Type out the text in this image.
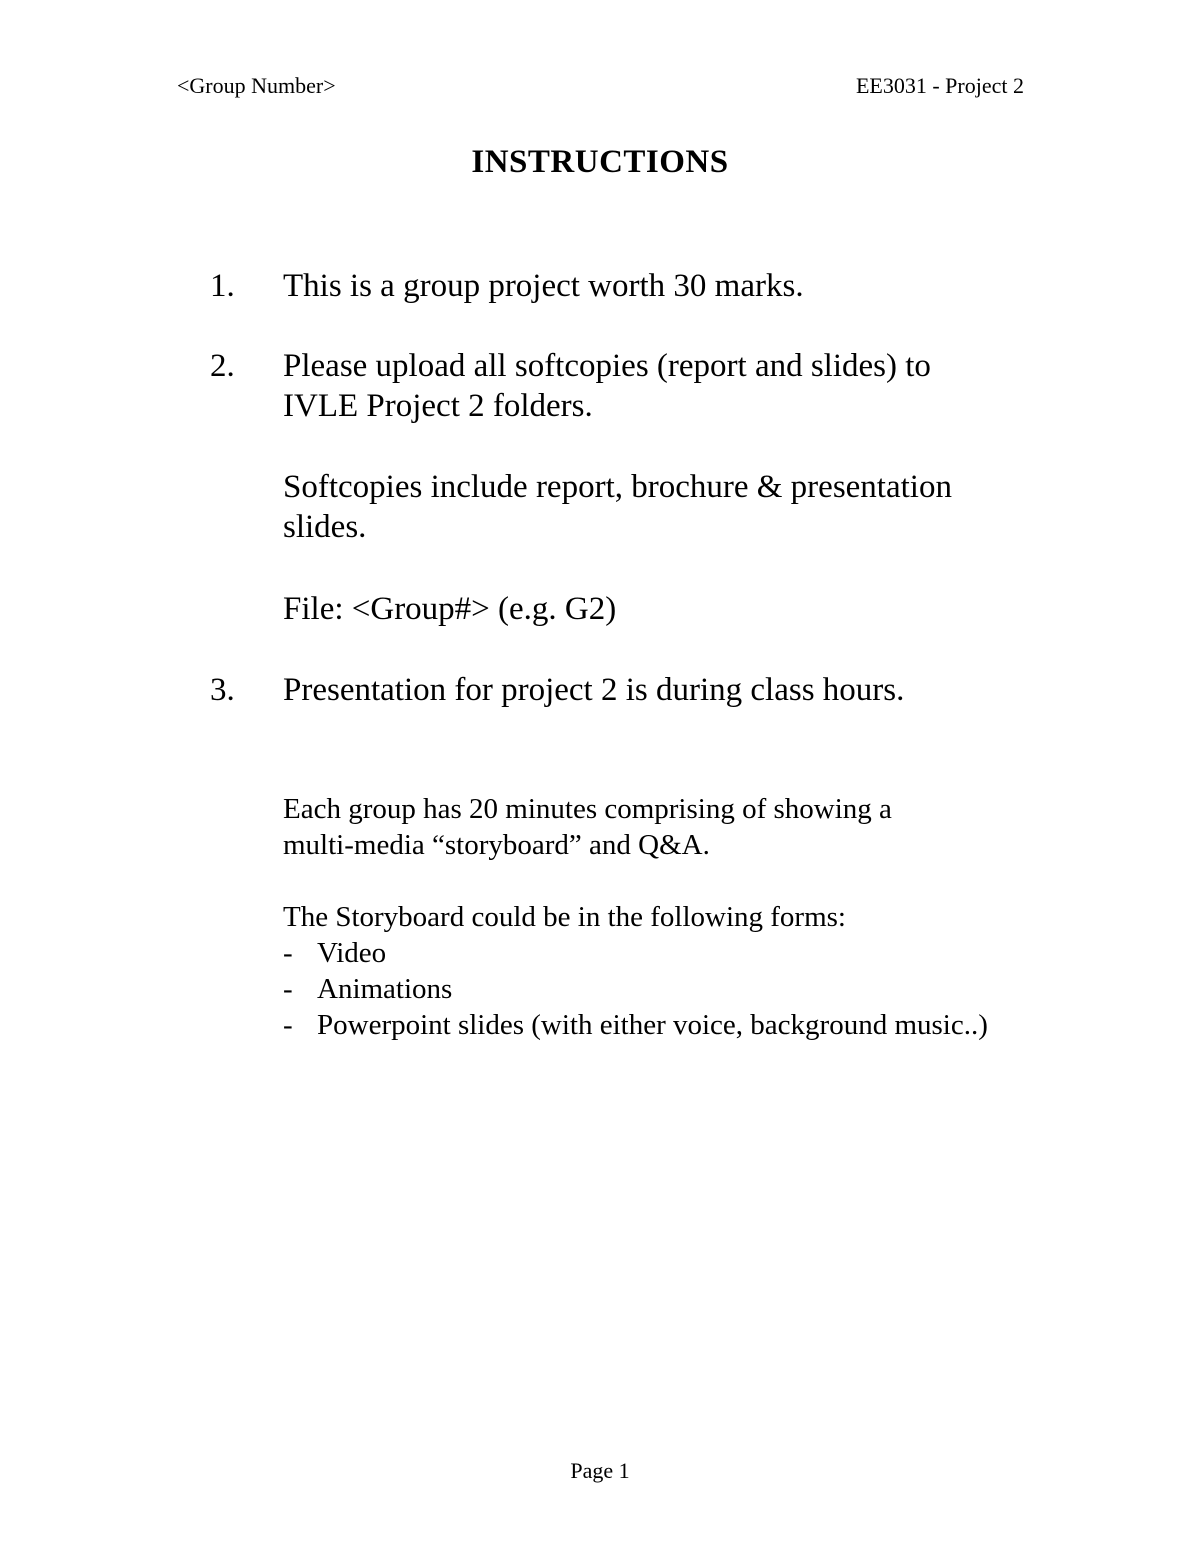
<Group Number>	EE3031 - Project 2
INSTRUCTIONS
1. This is a group project worth 30 marks.
2. Please upload all softcopies (report and slides) to
IVLE Project 2 folders.
Softcopies include report, brochure & presentation
slides.
File: <Group#> (e.g. G2)
3. Presentation for project 2 is during class hours.
Each group has 20 minutes comprising of showing a
multi-media “storyboard” and Q&A.
The Storyboard could be in the following forms:
- Video
- Animations
- Powerpoint slides (with either voice, background music..)
Page 1
